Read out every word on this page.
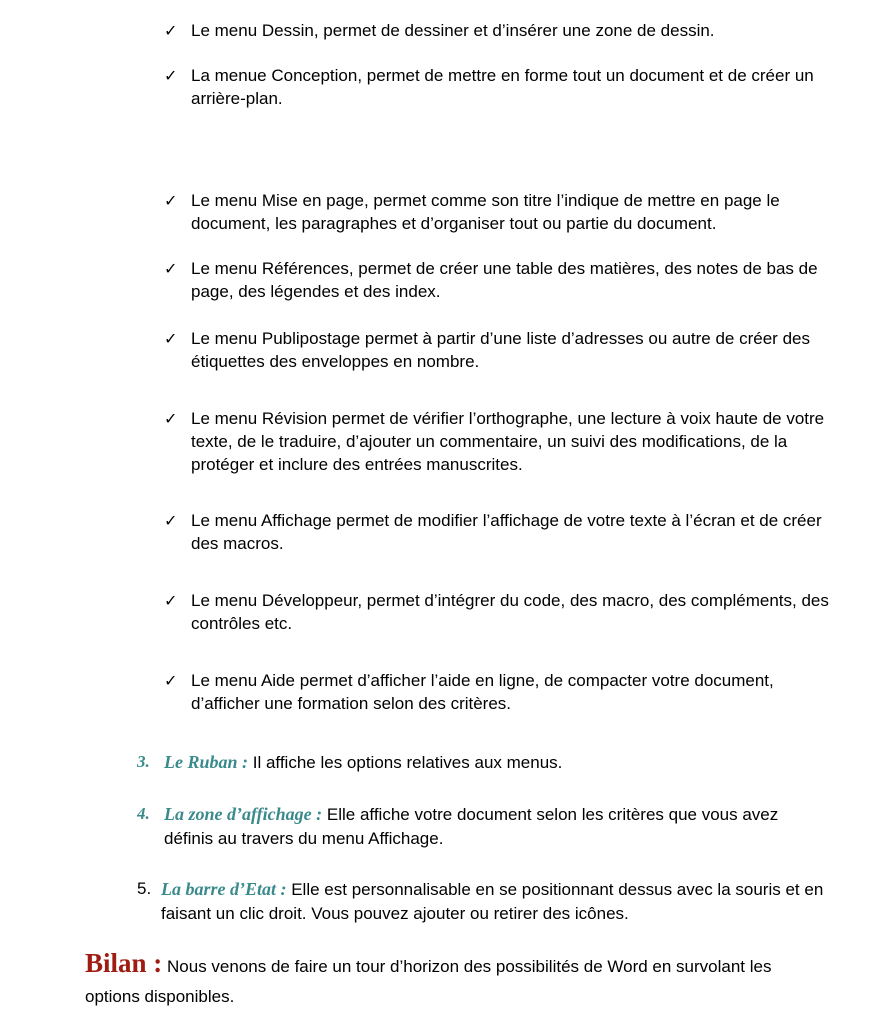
✓ Le menu Dessin, permet de dessiner et d’insérer une zone de dessin.
✓ La menue Conception, permet de mettre en forme tout un document et de créer un arrière-plan.
✓ Le menu Mise en page, permet comme son titre l’indique de mettre en page le document, les paragraphes et d’organiser tout ou partie du document.
✓ Le menu Références, permet de créer une table des matières, des notes de bas de page, des légendes et des index.
✓ Le menu Publipostage permet à partir d’une liste d’adresses ou autre de créer des étiquettes des enveloppes en nombre.
✓ Le menu Révision permet de vérifier l’orthographe, une lecture à voix haute de votre texte, de le traduire, d’ajouter un commentaire, un suivi des modifications, de la protéger et inclure des entrées manuscrites.
✓ Le menu Affichage permet de modifier l’affichage de votre texte à l’écran et de créer des macros.
✓ Le menu Développeur, permet d’intégrer du code, des macro, des compléments, des contrôles etc.
✓ Le menu Aide permet d’afficher l’aide en ligne, de compacter votre document, d’afficher une formation selon des critères.
3. Le Ruban : Il affiche les options relatives aux menus.
4. La zone d’affichage : Elle affiche votre document selon les critères que vous avez définis au travers du menu Affichage.
5. La barre d’Etat : Elle est personnalisable en se positionnant dessus avec la souris et en faisant un clic droit. Vous pouvez ajouter ou retirer des icônes.
Bilan : Nous venons de faire un tour d’horizon des possibilités de Word en survolant les options disponibles.
